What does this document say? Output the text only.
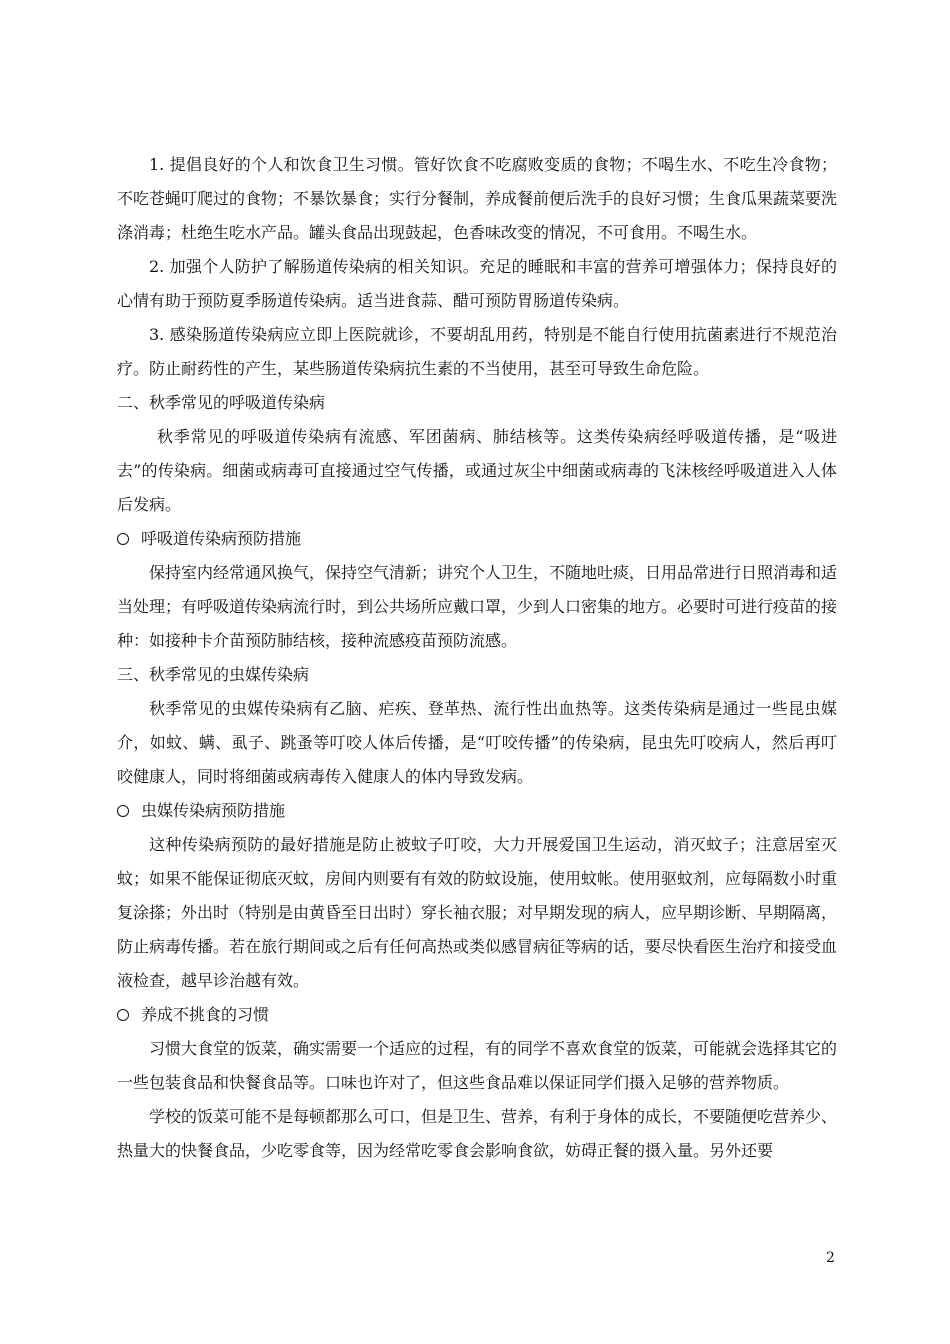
1. 提倡良好的个人和饮食卫生习惯。管好饮食不吃腐败变质的食物；不喝生水、不吃生冷食物；不吃苍蝇叮爬过的食物；不暴饮暴食；实行分餐制，养成餐前便后洗手的良好习惯；生食瓜果蔬菜要洗涤消毒；杜绝生吃水产品。罐头食品出现鼓起，色香味改变的情况，不可食用。不喝生水。

2. 加强个人防护了解肠道传染病的相关知识。充足的睡眠和丰富的营养可增强体力；保持良好的心情有助于预防夏季肠道传染病。适当进食蒜、醋可预防胃肠道传染病。

3. 感染肠道传染病应立即上医院就诊，不要胡乱用药，特别是不能自行使用抗菌素进行不规范治疗。防止耐药性的产生，某些肠道传染病抗生素的不当使用，甚至可导致生命危险。

二、秋季常见的呼吸道传染病

秋季常见的呼吸道传染病有流感、军团菌病、肺结核等。这类传染病经呼吸道传播，是“吸进去”的传染病。细菌或病毒可直接通过空气传播，或通过灰尘中细菌或病毒的飞沫核经呼吸道进入人体后发病。

呼吸道传染病预防措施

保持室内经常通风换气，保持空气清新；讲究个人卫生，不随地吐痰，日用品常进行日照消毒和适当处理；有呼吸道传染病流行时，到公共场所应戴口罩，少到人口密集的地方。必要时可进行疫苗的接种：如接种卡介苗预防肺结核，接种流感疫苗预防流感。

三、秋季常见的虫媒传染病

秋季常见的虫媒传染病有乙脑、疟疾、登革热、流行性出血热等。这类传染病是通过一些昆虫媒介，如蚊、螨、虱子、跳蚤等叮咬人体后传播，是“叮咬传播”的传染病，昆虫先叮咬病人，然后再叮咬健康人，同时将细菌或病毒传入健康人的体内导致发病。

虫媒传染病预防措施

这种传染病预防的最好措施是防止被蚊子叮咬，大力开展爱国卫生运动，消灭蚊子；注意居室灭蚊；如果不能保证彻底灭蚊，房间内则要有有效的防蚊设施，使用蚊帐。使用驱蚊剂，应每隔数小时重复涂搽；外出时（特别是由黄昏至日出时）穿长袖衣服；对早期发现的病人，应早期诊断、早期隔离，防止病毒传播。若在旅行期间或之后有任何高热或类似感冒病征等病的话，要尽快看医生治疗和接受血液检查，越早诊治越有效。

养成不挑食的习惯

习惯大食堂的饭菜，确实需要一个适应的过程，有的同学不喜欢食堂的饭菜，可能就会选择其它的一些包装食品和快餐食品等。口味也许对了，但这些食品难以保证同学们摄入足够的营养物质。

学校的饭菜可能不是每顿都那么可口，但是卫生、营养，有利于身体的成长，不要随便吃营养少、热量大的快餐食品，少吃零食等，因为经常吃零食会影响食欲，妨碍正餐的摄入量。另外还要

2
